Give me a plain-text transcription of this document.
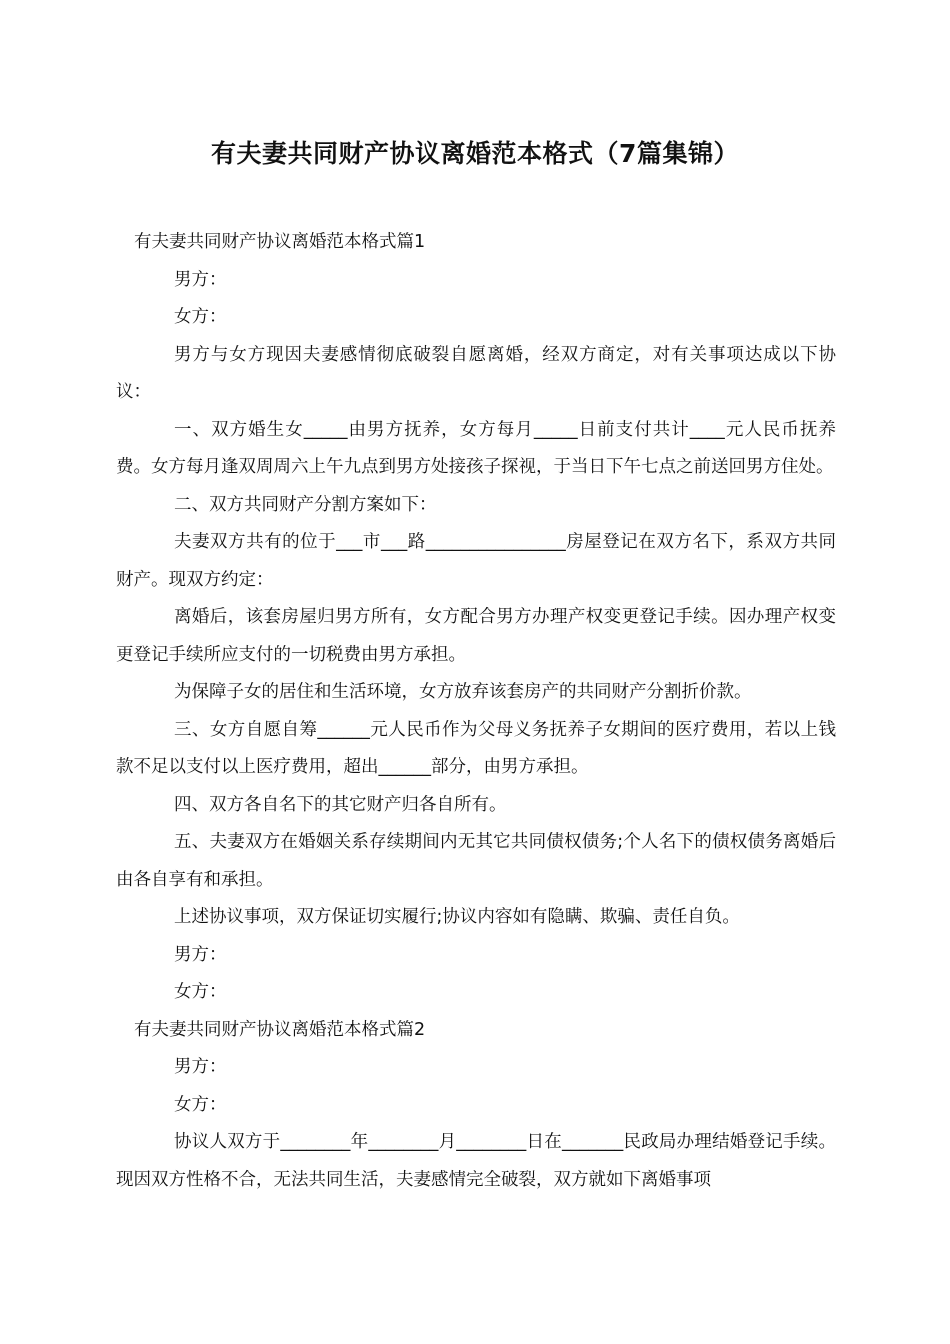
有夫妻共同财产协议离婚范本格式（7篇集锦）

有夫妻共同财产协议离婚范本格式篇1

男方：

女方：

男方与女方现因夫妻感情彻底破裂自愿离婚，经双方商定，对有关事项达成以下协议：

一、双方婚生女_____由男方抚养，女方每月_____日前支付共计____元人民币抚养费。女方每月逢双周周六上午九点到男方处接孩子探视，于当日下午七点之前送回男方住处。

二、双方共同财产分割方案如下：

夫妻双方共有的位于___市___路________________房屋登记在双方名下，系双方共同财产。现双方约定：

离婚后，该套房屋归男方所有，女方配合男方办理产权变更登记手续。因办理产权变更登记手续所应支付的一切税费由男方承担。

为保障子女的居住和生活环境，女方放弃该套房产的共同财产分割折价款。

三、女方自愿自筹______元人民币作为父母义务抚养子女期间的医疗费用，若以上钱款不足以支付以上医疗费用，超出______部分，由男方承担。

四、双方各自名下的其它财产归各自所有。

五、夫妻双方在婚姻关系存续期间内无其它共同债权债务;个人名下的债权债务离婚后由各自享有和承担。

上述协议事项，双方保证切实履行;协议内容如有隐瞒、欺骗、责任自负。

男方：

女方：

有夫妻共同财产协议离婚范本格式篇2

男方：

女方：

协议人双方于________年________月________日在_______民政局办理结婚登记手续。现因双方性格不合，无法共同生活，夫妻感情完全破裂，双方就如下离婚事项
